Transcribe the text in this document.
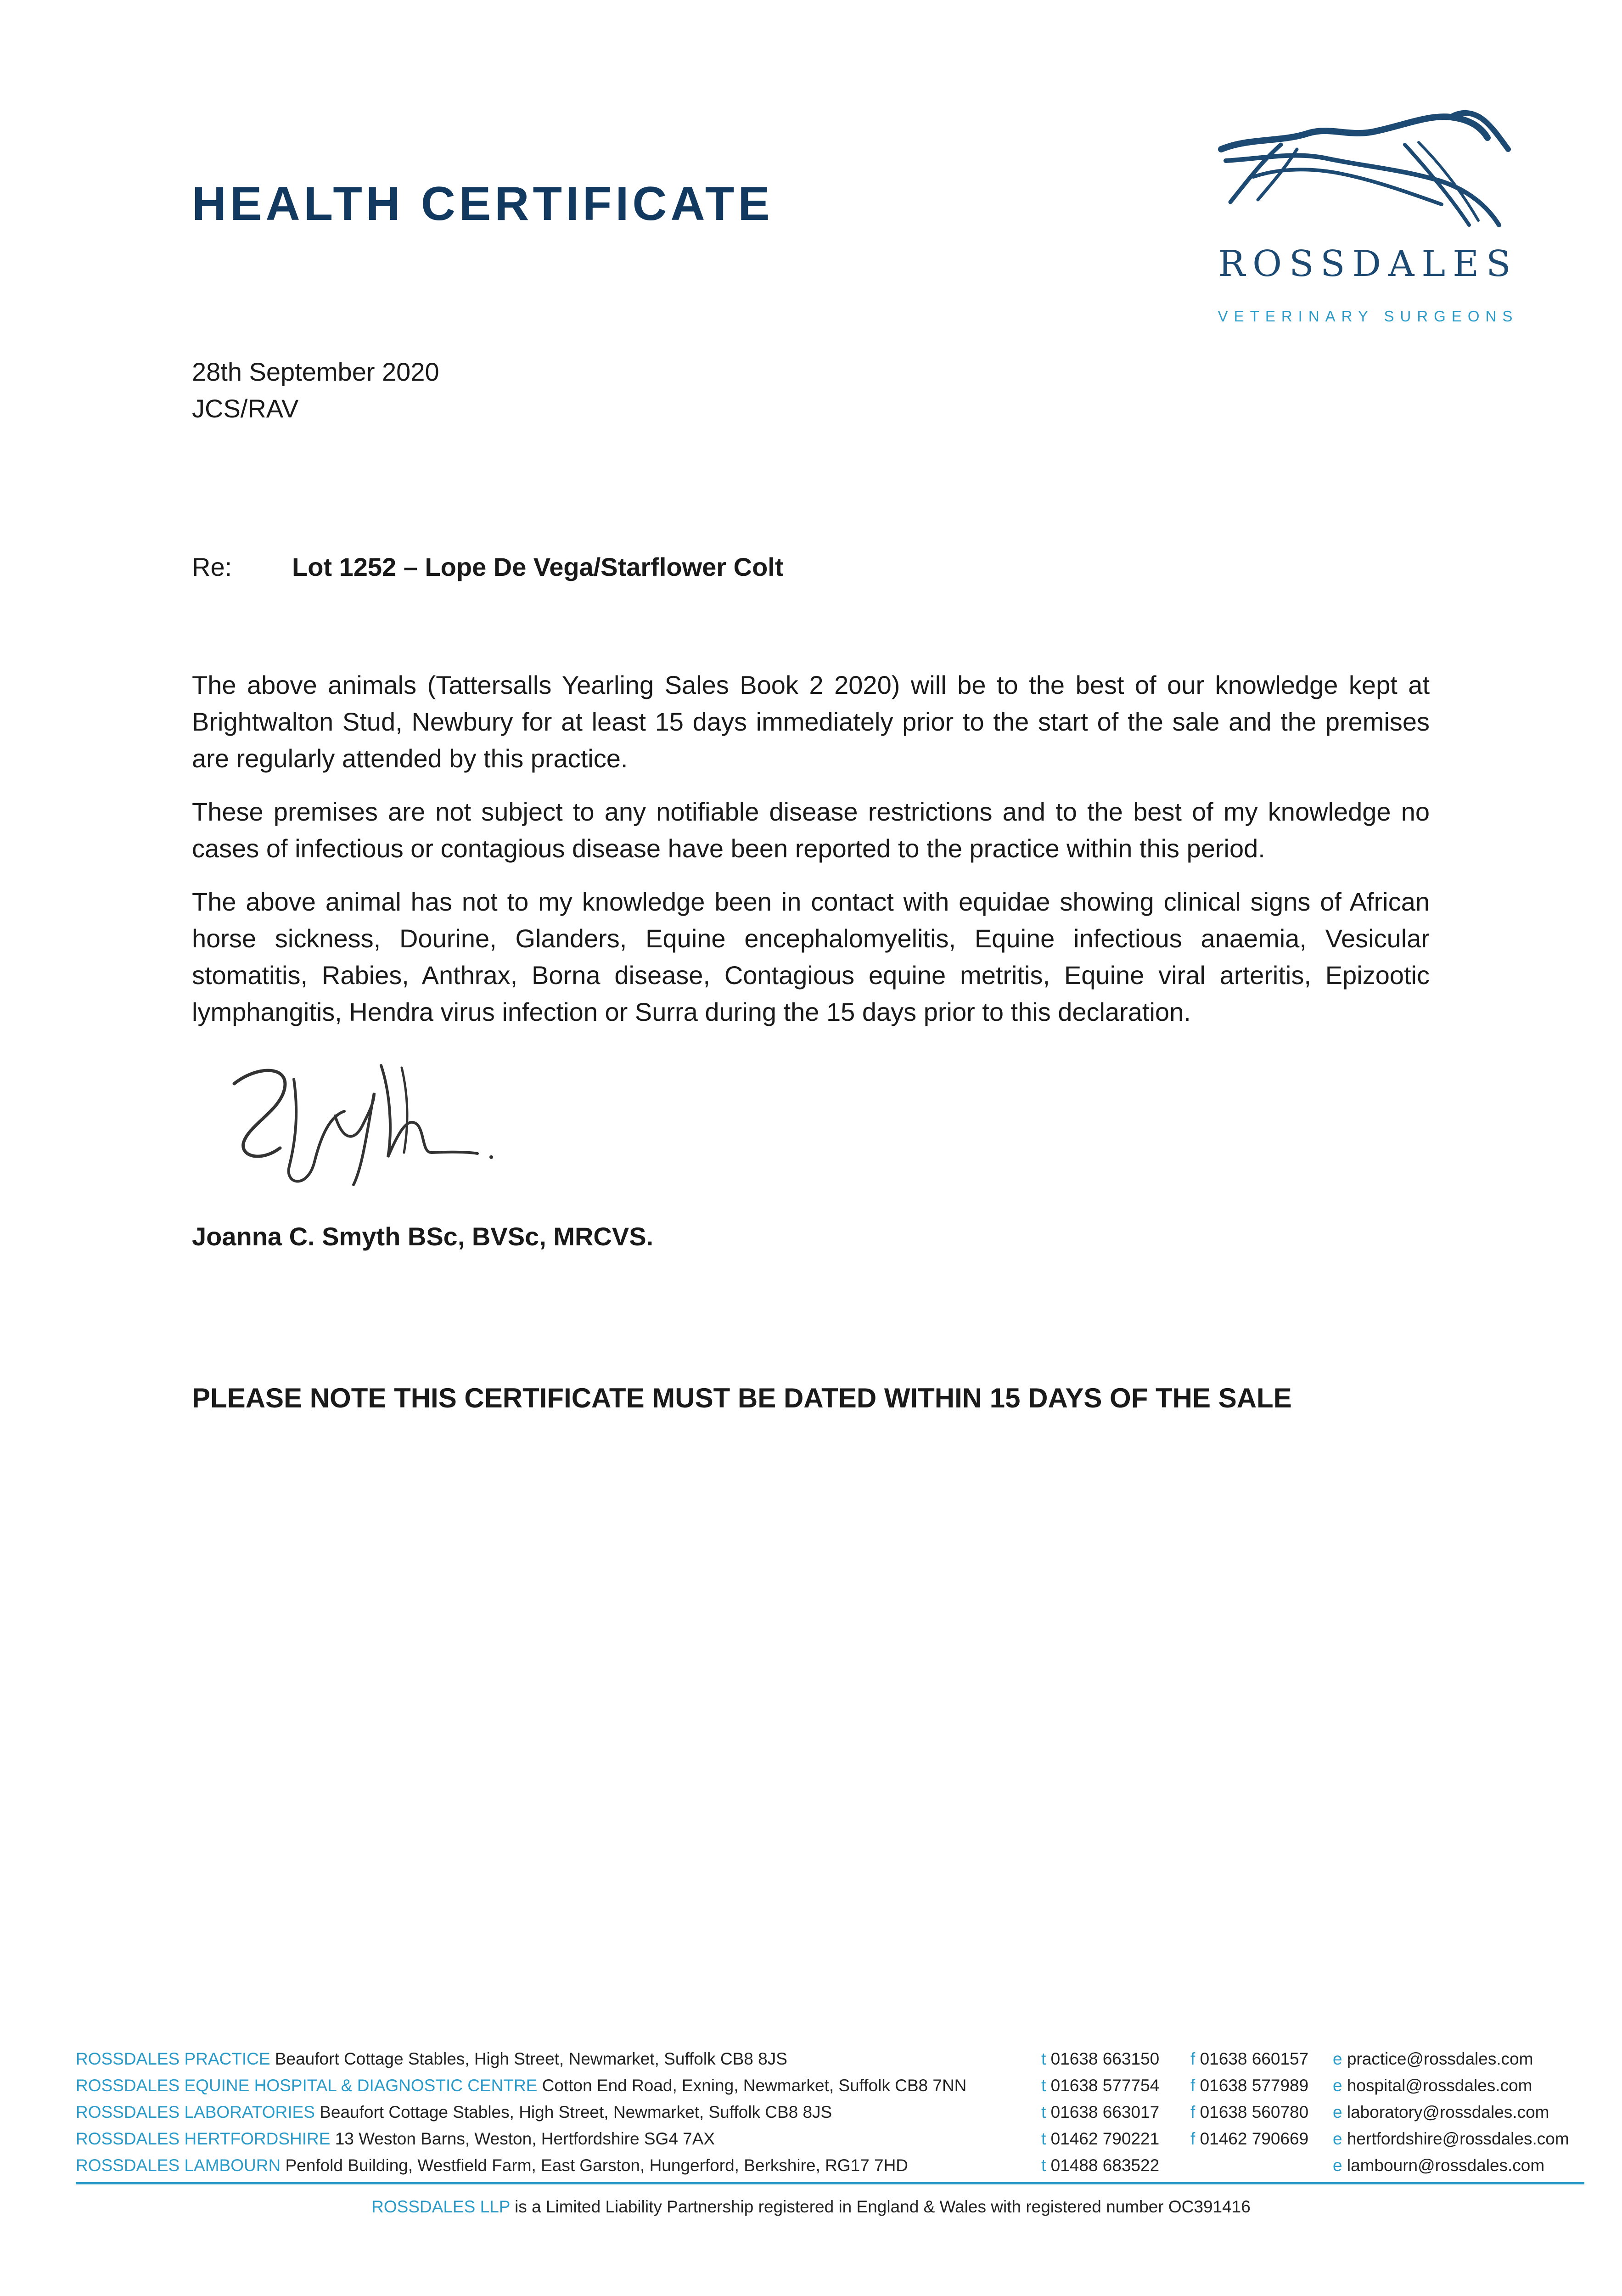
HEALTH CERTIFICATE
ROSSDALES
VETERINARY SURGEONS
28th September 2020
JCS/RAV
Re: Lot 1252 – Lope De Vega/Starflower Colt

The above animals (Tattersalls Yearling Sales Book 2 2020) will be to the best of our knowledge kept at Brightwalton Stud, Newbury for at least 15 days immediately prior to the start of the sale and the premises are regularly attended by this practice.

These premises are not subject to any notifiable disease restrictions and to the best of my knowledge no cases of infectious or contagious disease have been reported to the practice within this period.

The above animal has not to my knowledge been in contact with equidae showing clinical signs of African horse sickness, Dourine, Glanders, Equine encephalomyelitis, Equine infectious anaemia, Vesicular stomatitis, Rabies, Anthrax, Borna disease, Contagious equine metritis, Equine viral arteritis, Epizootic lymphangitis, Hendra virus infection or Surra during the 15 days prior to this declaration.

Joanna C. Smyth BSc, BVSc, MRCVS.
PLEASE NOTE THIS CERTIFICATE MUST BE DATED WITHIN 15 DAYS OF THE SALE
ROSSDALES PRACTICE Beaufort Cottage Stables, High Street, Newmarket, Suffolk CB8 8JS	t 01638 663150 f 01638 660157 e practice@rossdales.com
ROSSDALES EQUINE HOSPITAL & DIAGNOSTIC CENTRE Cotton End Road, Exning, Newmarket, Suffolk CB8 7NN	t 01638 577754 f 01638 577989 e hospital@rossdales.com
ROSSDALES LABORATORIES Beaufort Cottage Stables, High Street, Newmarket, Suffolk CB8 8JS	t 01638 663017 f 01638 560780 e laboratory@rossdales.com
ROSSDALES HERTFORDSHIRE 13 Weston Barns, Weston, Hertfordshire SG4 7AX	t 01462 790221 f 01462 790669 e hertfordshire@rossdales.com
ROSSDALES LAMBOURN Penfold Building, Westfield Farm, East Garston, Hungerford, Berkshire, RG17 7HD	t 01488 683522	e lambourn@rossdales.com
ROSSDALES LLP is a Limited Liability Partnership registered in England & Wales with registered number OC391416
